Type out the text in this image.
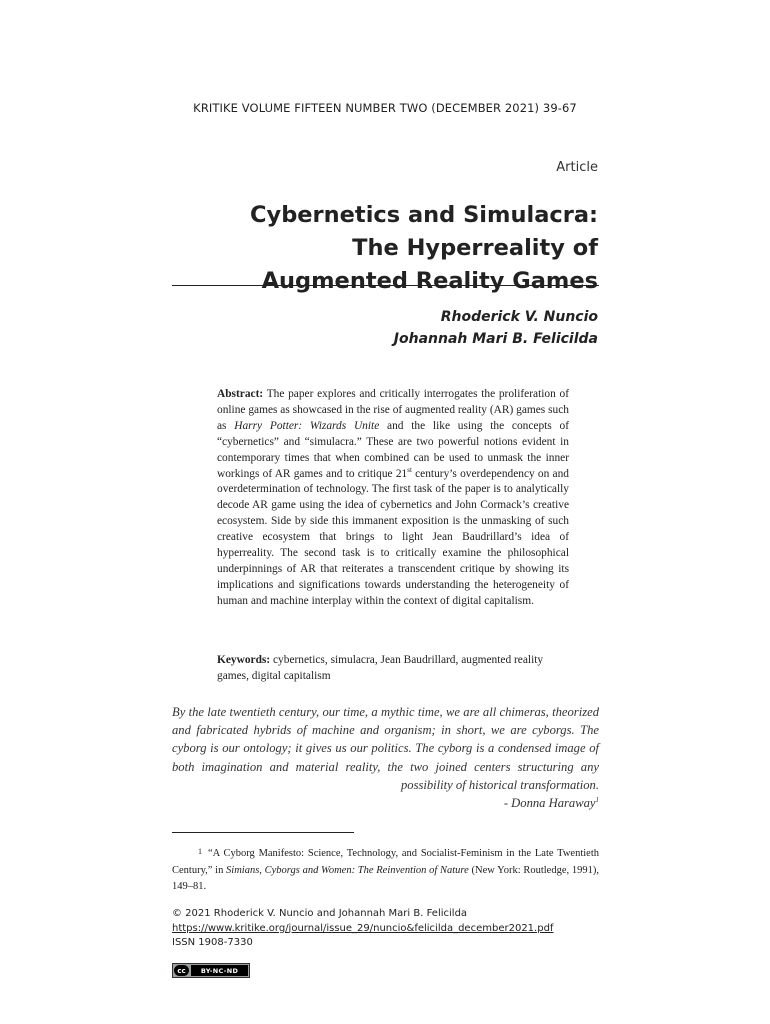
KRITIKE VOLUME FIFTEEN NUMBER TWO (DECEMBER 2021) 39-67
Article
Cybernetics and Simulacra:
The Hyperreality of
Augmented Reality Games
Rhoderick V. Nuncio
Johannah Mari B. Felicilda
Abstract: The paper explores and critically interrogates the proliferation of online games as showcased in the rise of augmented reality (AR) games such as Harry Potter: Wizards Unite and the like using the concepts of “cybernetics” and “simulacra.” These are two powerful notions evident in contemporary times that when combined can be used to unmask the inner workings of AR games and to critique 21st century’s overdependency on and overdetermination of technology. The first task of the paper is to analytically decode AR game using the idea of cybernetics and John Cormack’s creative ecosystem. Side by side this immanent exposition is the unmasking of such creative ecosystem that brings to light Jean Baudrillard’s idea of hyperreality. The second task is to critically examine the philosophical underpinnings of AR that reiterates a transcendent critique by showing its implications and significations towards understanding the heterogeneity of human and machine interplay within the context of digital capitalism.
Keywords: cybernetics, simulacra, Jean Baudrillard, augmented reality games, digital capitalism

By the late twentieth century, our time, a mythic time, we are all chimeras, theorized and fabricated hybrids of machine and organism; in short, we are cyborgs. The cyborg is our ontology; it gives us our politics. The cyborg is a condensed image of both imagination and material reality, the two joined centers structuring any possibility of historical transformation.

- Donna Haraway$^1$
1 “A Cyborg Manifesto: Science, Technology, and Socialist-Feminism in the Late Twentieth Century,” in Simians, Cyborgs and Women: The Reinvention of Nature (New York: Routledge, 1991), 149–81.
© 2021 Rhoderick V. Nuncio and Johannah Mari B. Felicilda
https://www.kritike.org/journal/issue_29/nuncio&felicilda_december2021.pdf
ISSN 1908-7330
cc	BY-NC-ND
